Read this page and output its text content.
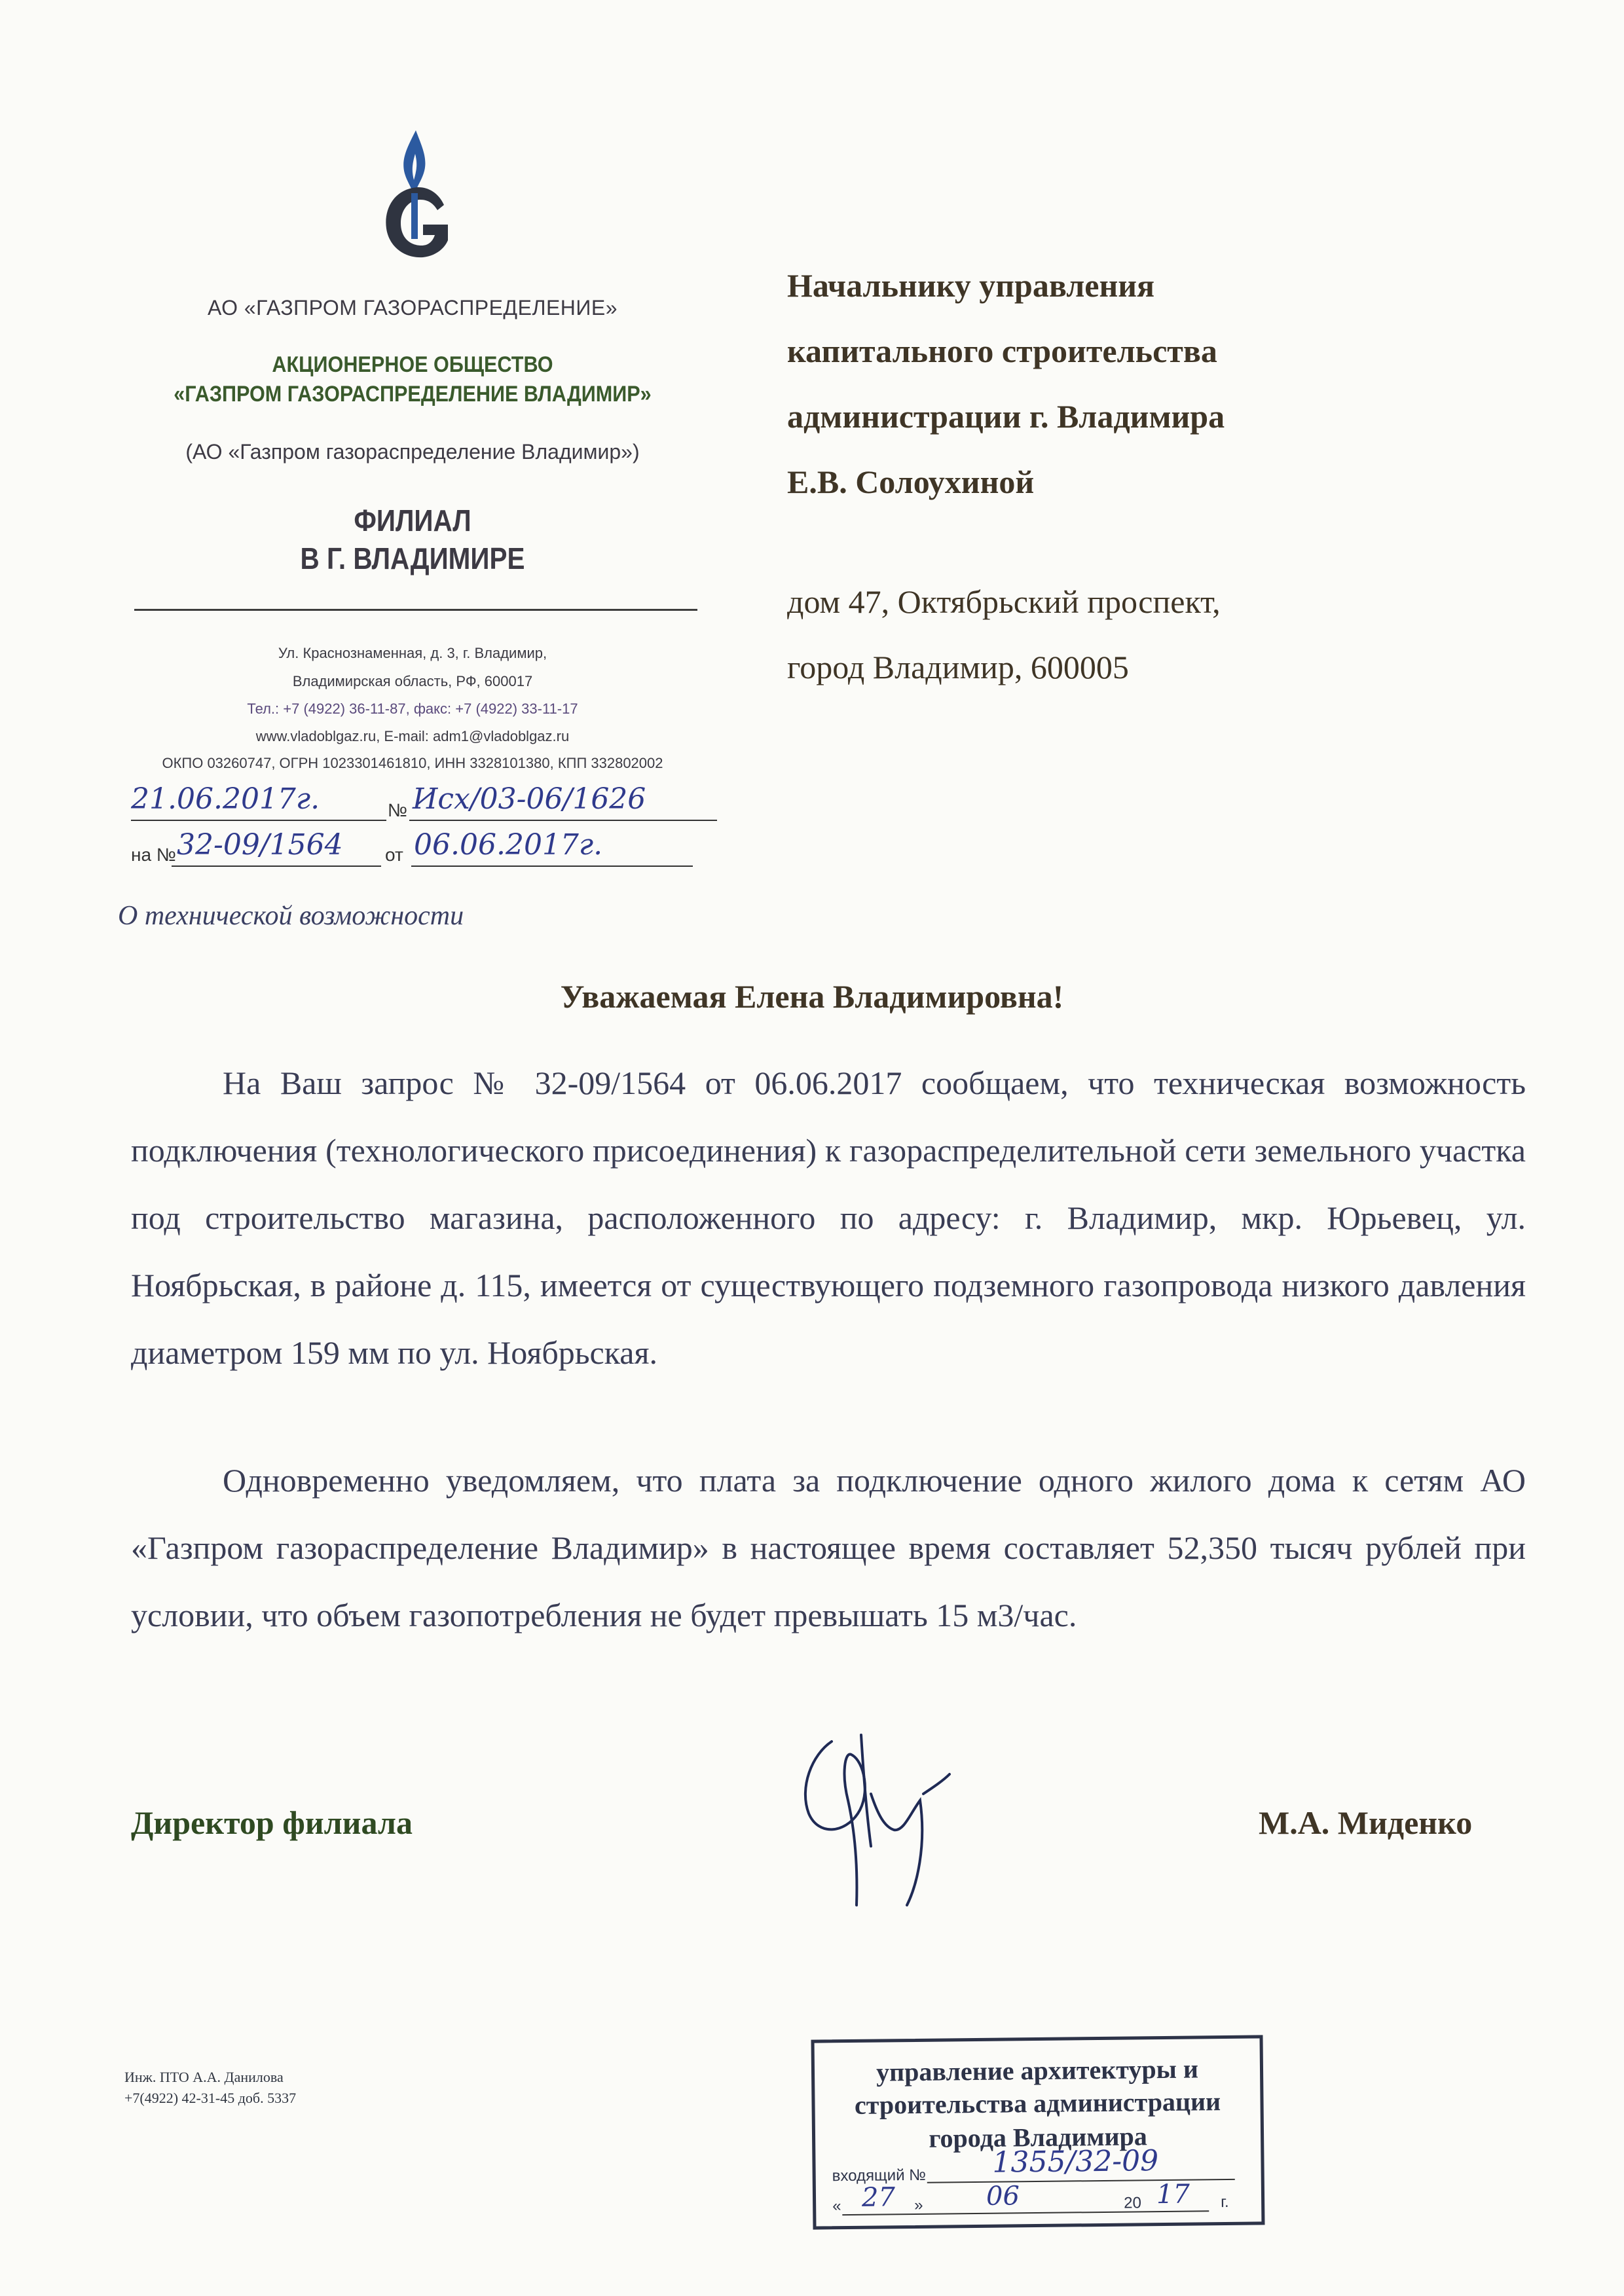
АО «ГАЗПРОМ ГАЗОРАСПРЕДЕЛЕНИЕ»
АКЦИОНЕРНОЕ ОБЩЕСТВО
«ГАЗПРОМ ГАЗОРАСПРЕДЕЛЕНИЕ ВЛАДИМИР»
(АО «Газпром газораспределение Владимир»)
ФИЛИАЛ
В Г. ВЛАДИМИРЕ
Ул. Краснознаменная, д. 3, г. Владимир,
Владимирская область, РФ, 600017
Тел.: +7 (4922) 36-11-87, факс: +7 (4922) 33-11-17
www.vladoblgaz.ru, E-mail: adm1@vladoblgaz.ru
ОКПО 03260747, ОГРН 1023301461810, ИНН 3328101380, КПП 332802002
21.06.2017г.	№ Исх/03-06/1626
на № 32-09/1564 от 06.06.2017г.
О технической возможности
Начальнику управления
капитального строительства
администрации г. Владимира
Е.В. Солоухиной
дом 47, Октябрьский проспект,
город Владимир, 600005
Уважаемая Елена Владимировна!
На Ваш запрос № 32-09/1564 от 06.06.2017 сообщаем, что техническая возможность подключения (технологического присоединения) к газораспределительной сети земельного участка под строительство магазина, расположенного по адресу: г. Владимир, мкр. Юрьевец, ул. Ноябрьская, в районе д. 115, имеется от существующего подземного газопровода низкого давления диаметром 159 мм по ул. Ноябрьская.
Одновременно уведомляем, что плата за подключение одного жилого дома к сетям АО «Газпром газораспределение Владимир» в настоящее время составляет 52,350 тысяч рублей при условии, что объем газопотребления не будет превышать 15 м3/час.
Директор филиала	М.А. Миденко
Инж. ПТО А.А. Данилова
+7(4922) 42-31-45 доб. 5337
управление архитектуры и
строительства администрации
города Владимира
входящий № 1355/32-09
« 27 » 06	20 17 г.
